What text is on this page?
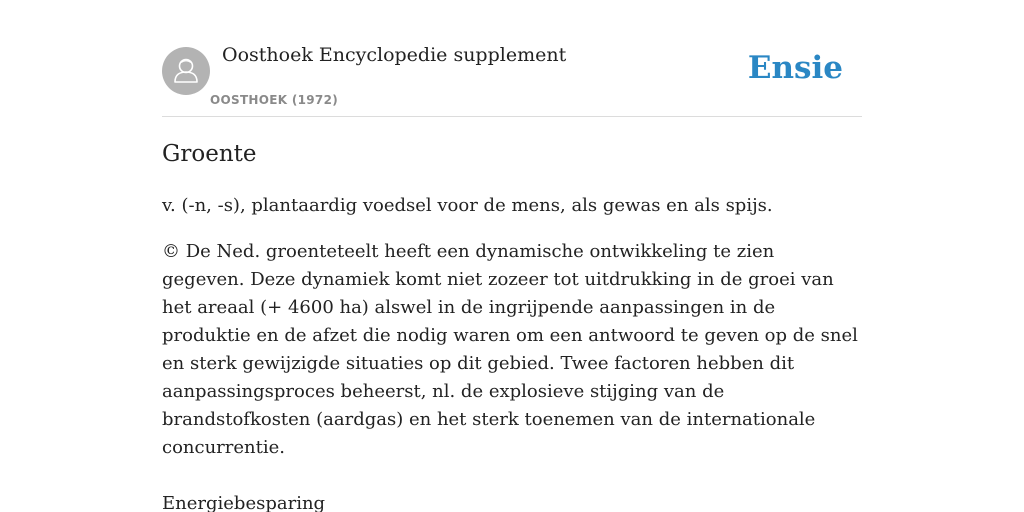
Oosthoek Encyclopedie supplement
OOSTHOEK (1972)
Ensie
Groente

v. (-n, -s), plantaardig voedsel voor de mens, als gewas en als spijs.

© De Ned. groenteteelt heeft een dynamische ontwikkeling te zien gegeven. Deze dynamiek komt niet zozeer tot uitdrukking in de groei van het areaal (+ 4600 ha) alswel in de ingrijpende aanpassingen in de produktie en de afzet die nodig waren om een antwoord te geven op de snel en sterk gewijzigde situaties op dit gebied. Twee factoren hebben dit aanpassingsproces beheerst, nl. de explosieve stijging van de brandstofkosten (aardgas) en het sterk toenemen van de internationale concurrentie.

Energiebesparing
